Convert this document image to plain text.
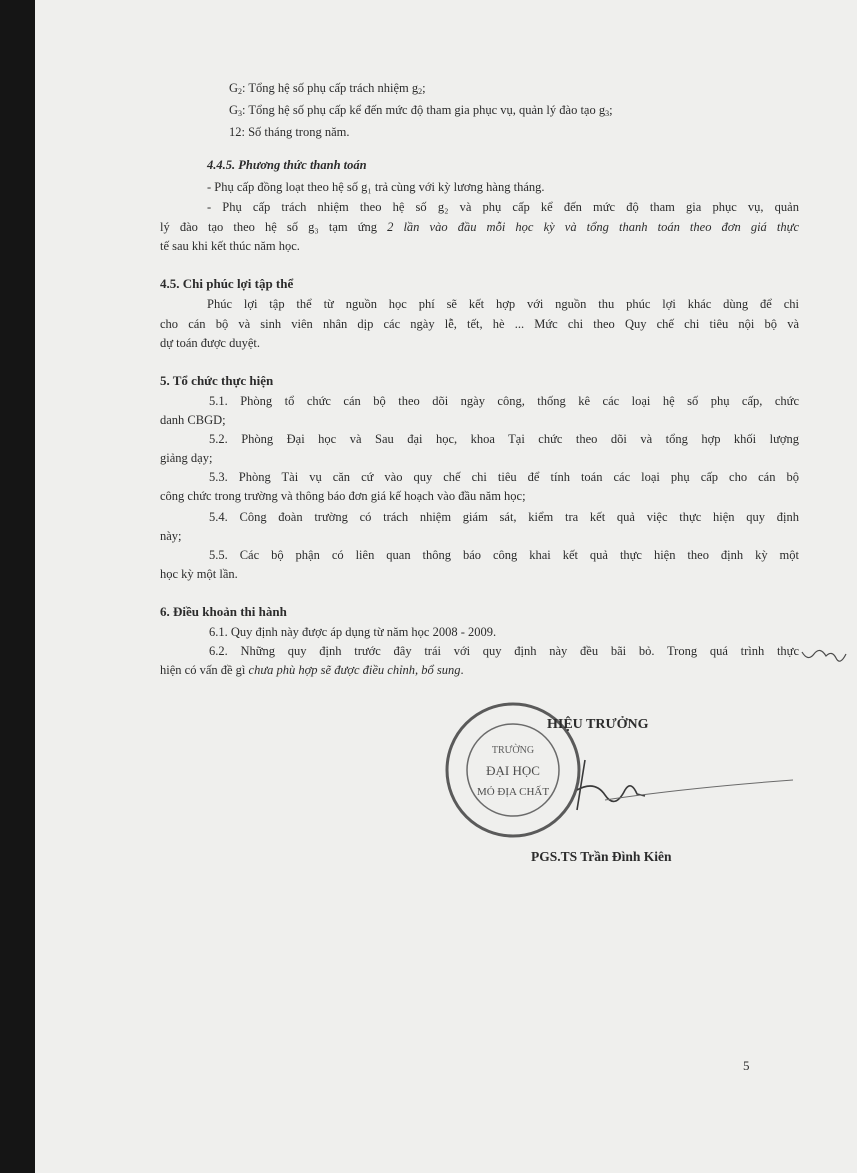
$G_2$: Tổng hệ số phụ cấp trách nhiệm $g_2$;
$G_3$: Tổng hệ số phụ cấp kể đến mức độ tham gia phục vụ, quản lý đào tạo $g_3$;
12: Số tháng trong năm.
4.4.5. Phương thức thanh toán
- Phụ cấp đồng loạt theo hệ số g₁ trả cùng với kỳ lương hàng tháng.
- Phụ cấp trách nhiệm theo hệ số g₂ và phụ cấp kể đến mức độ tham gia phục vụ, quản
lý đào tạo theo hệ số g₃ tạm ứng 2 lần vào đầu mỗi học kỳ và tổng thanh toán theo đơn giá thực
tế sau khi kết thúc năm học.
4.5. Chi phúc lợi tập thể
Phúc lợi tập thể từ nguồn học phí sẽ kết hợp với nguồn thu phúc lợi khác dùng để chi
cho cán bộ và sinh viên nhân dịp các ngày lễ, tết, hè ... Mức chi theo Quy chế chi tiêu nội bộ và
dự toán được duyệt.
5. Tổ chức thực hiện
5.1. Phòng tổ chức cán bộ theo dõi ngày công, thống kê các loại hệ số phụ cấp, chức
danh CBGD;
5.2. Phòng Đại học và Sau đại học, khoa Tại chức theo dõi và tổng hợp khối lượng
giảng dạy;
5.3. Phòng Tài vụ căn cứ vào quy chế chi tiêu để tính toán các loại phụ cấp cho cán bộ
công chức trong trường và thông báo đơn giá kế hoạch vào đầu năm học;
5.4. Công đoàn trường có trách nhiệm giám sát, kiểm tra kết quả việc thực hiện quy định
này;
5.5. Các bộ phận có liên quan thông báo công khai kết quả thực hiện theo định kỳ một
học kỳ một lần.
6. Điều khoản thi hành
6.1. Quy định này được áp dụng từ năm học 2008 - 2009.
6.2. Những quy định trước đây trái với quy định này đều bãi bỏ. Trong quá trình thực
hiện có vấn đề gì chưa phù hợp sẽ được điều chỉnh, bổ sung.
TRƯỜNG
ĐẠI HỌC
MỎ ĐỊA CHẤT
HIỆU TRƯỞNG
PGS.TS Trần Đình Kiên
5
